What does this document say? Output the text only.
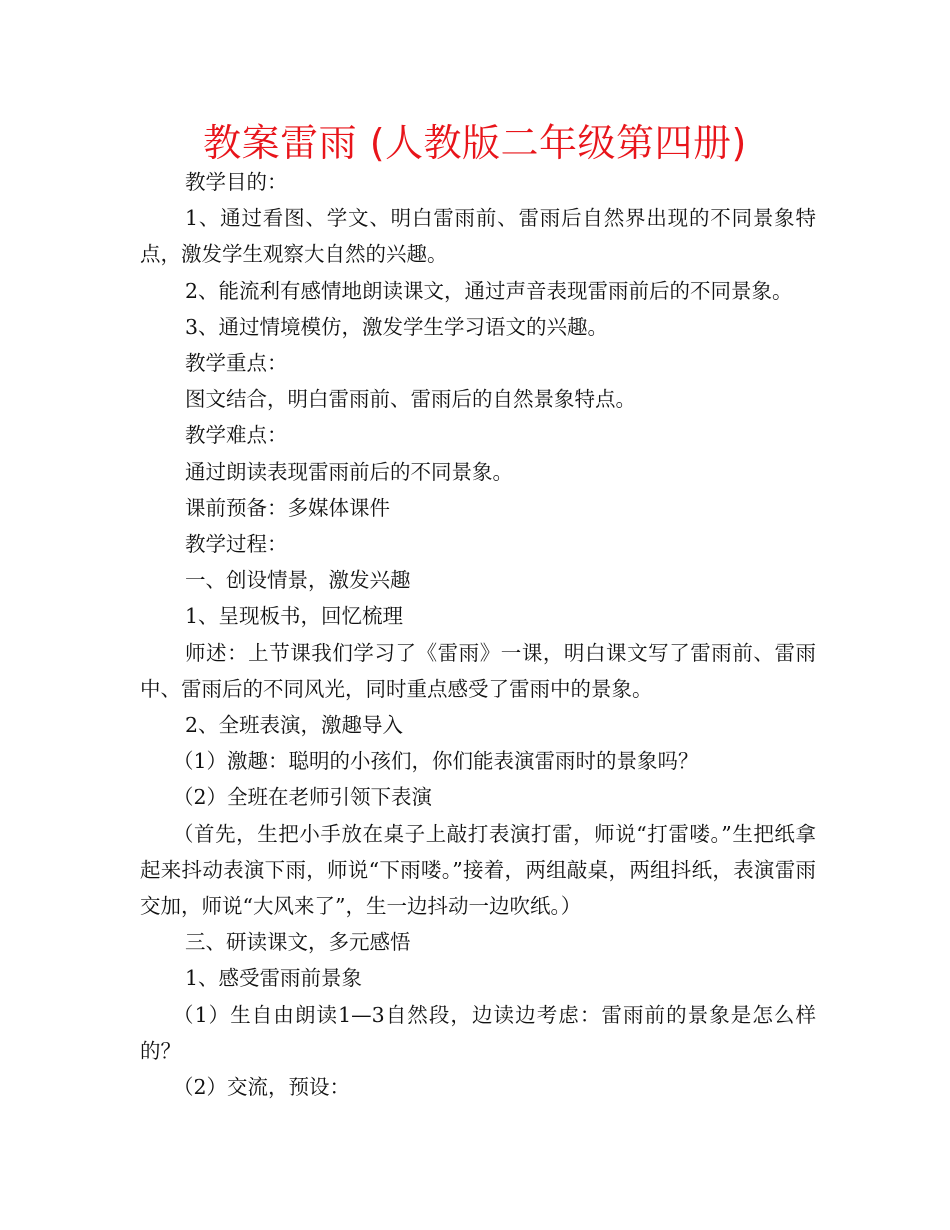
教案雷雨 (人教版二年级第四册)

教学目的：

1、通过看图、学文、明白雷雨前、雷雨后自然界出现的不同景象特点，激发学生观察大自然的兴趣。

2、能流利有感情地朗读课文，通过声音表现雷雨前后的不同景象。

3、通过情境模仿，激发学生学习语文的兴趣。

教学重点：

图文结合，明白雷雨前、雷雨后的自然景象特点。

教学难点：

通过朗读表现雷雨前后的不同景象。

课前预备：多媒体课件

教学过程：

一、创设情景，激发兴趣

1、呈现板书，回忆梳理

师述：上节课我们学习了《雷雨》一课，明白课文写了雷雨前、雷雨中、雷雨后的不同风光，同时重点感受了雷雨中的景象。

2、全班表演，激趣导入

（1）激趣：聪明的小孩们，你们能表演雷雨时的景象吗？

（2）全班在老师引领下表演

（首先，生把小手放在桌子上敲打表演打雷，师说“打雷喽。”生把纸拿起来抖动表演下雨，师说“下雨喽。”接着，两组敲桌，两组抖纸，表演雷雨交加，师说“大风来了”，生一边抖动一边吹纸。）

三、研读课文，多元感悟

1、感受雷雨前景象

（1）生自由朗读1—3自然段，边读边考虑：雷雨前的景象是怎么样的？

（2）交流，预设：
